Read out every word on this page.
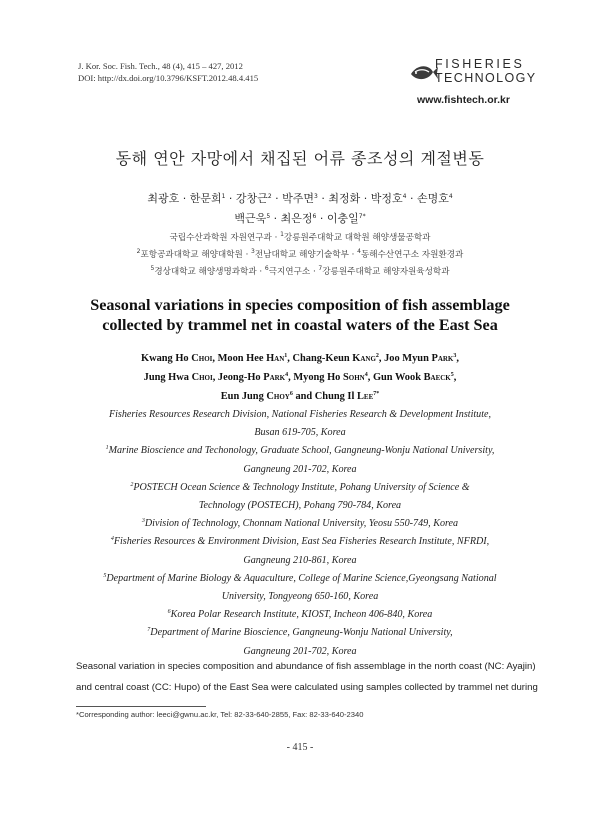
J. Kor. Soc. Fish. Tech., 48 (4), 415 – 427, 2012
DOI: http://dx.doi.org/10.3796/KSFT.2012.48.4.415
FISHERIES
TECHNOLOGY
www.fishtech.or.kr
동해 연안 자망에서 채집된 어류 종조성의 계절변동
최광호 · 한문희$^1$ · 강창근$^2$ · 박주면$^3$ · 최정화 · 박정호$^4$ · 손명호$^4$
백근욱$^5$ · 최은정$^6$ · 이충일$^{7*}$
국립수산과학원 자원연구과 · $^1$강릉원주대학교 대학원 해양생물공학과
$^2$포항공과대학교 해양대학원 · $^3$전남대학교 해양기술학부 · $^4$동해수산연구소 자원환경과
$^5$경상대학교 해양생명과학과 · $^6$극지연구소 · $^7$강릉원주대학교 해양자원육성학과
Seasonal variations in species composition of fish assemblage
collected by trammel net in coastal waters of the East Sea
Kwang Ho Choi, Moon Hee Han$^1$, Chang-Keun Kang$^2$, Joo Myun Park$^3$,
Jung Hwa Choi, Jeong-Ho Park$^4$, Myong Ho Sohn$^4$, Gun Wook Baeck$^5$,
Eun Jung Choy$^6$ and Chung Il Lee$^{7*}$
Fisheries Resources Research Division, National Fisheries Research & Development Institute,
Busan 619-705, Korea
$^1$Marine Bioscience and Techonology, Graduate School, Gangneung-Wonju National University,
Gangneung 201-702, Korea
$^2$POSTECH Ocean Science & Technology Institute, Pohang University of Science &
Technology (POSTECH), Pohang 790-784, Korea
$^3$Division of Technology, Chonnam National University, Yeosu 550-749, Korea
$^4$Fisheries Resources & Environment Division, East Sea Fisheries Research Institute, NFRDI,
Gangneung 210-861, Korea
$^5$Department of Marine Biology & Aquaculture, College of Marine Science,Gyeongsang National
University, Tongyeong 650-160, Korea
$^6$Korea Polar Research Institute, KIOST, Incheon 406-840, Korea
$^7$Department of Marine Bioscience, Gangneung-Wonju National University,
Gangneung 201-702, Korea
Seasonal variation in species composition and abundance of fish assemblage in the north coast (NC: Ayajin)
and central coast (CC: Hupo) of the East Sea were calculated using samples collected by trammel net during
*Corresponding author: leeci@gwnu.ac.kr, Tel: 82-33-640-2855, Fax: 82-33-640-2340
- 415 -
